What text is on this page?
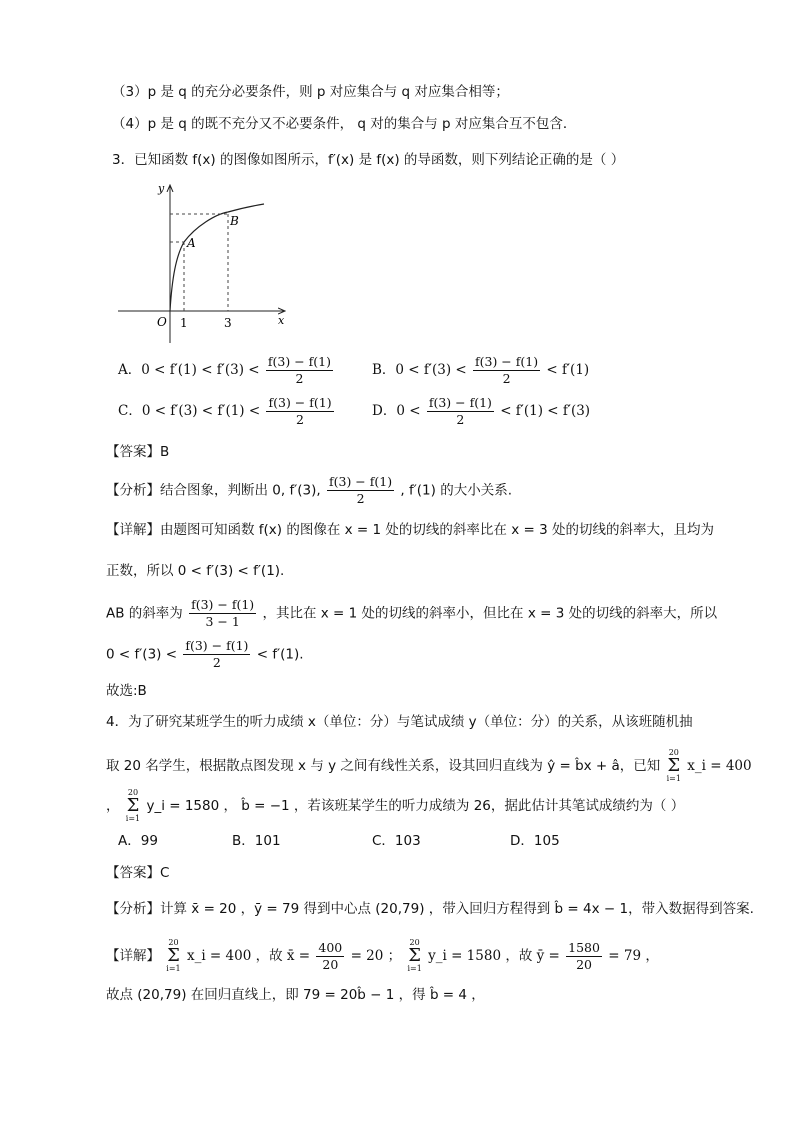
（3）p 是 q 的充分必要条件，则 p 对应集合与 q 对应集合相等；
（4）p 是 q 的既不充分又不必要条件， q 对的集合与 p 对应集合互不包含．
3．已知函数 f(x) 的图像如图所示，f′(x) 是 f(x) 的导函数，则下列结论正确的是（ ）
y
x
O 1	3
A
B
A．$0 < f'(1) < f'(3) < \frac{f(3) - f(1)}{2}$	B．$0 < f'(3) < \frac{f(3) - f(1)}{2} < f'(1)$
C．$0 < f'(3) < f'(1) < \frac{f(3) - f(1)}{2}$	D．$0 < \frac{f(3) - f(1)}{2} < f'(1) < f'(3)$
【答案】B
【分析】结合图象，判断出 0, f′(3), $\frac{f(3) - f(1)}{2}$ , f′(1) 的大小关系.
【详解】由题图可知函数 f(x) 的图像在 x = 1 处的切线的斜率比在 x = 3 处的切线的斜率大，且均为
正数，所以 0 < f′(3) < f′(1).
AB 的斜率为 $\frac{f(3) - f(1)}{3 - 1}$ ，其比在 x = 1 处的切线的斜率小，但比在 x = 3 处的切线的斜率大，所以
$0 < f'(3) < \frac{f(3) - f(1)}{2} < f'(1)$.
故选:B
4．为了研究某班学生的听力成绩 x（单位：分）与笔试成绩 y（单位：分）的关系，从该班随机抽
取 20 名学生，根据散点图发现 x 与 y 之间有线性关系，设其回归直线为 ŷ = b̂x + â，已知
20
Σ
i=1
x_i = 400
，
20
Σ
i=1
y_i = 1580 ， b̂ = −1 ，若该班某学生的听力成绩为 26，据此估计其笔试成绩约为（ ）
A．99	B．101	C．103	D．105
【答案】C
【分析】计算 x̄ = 20 ，ȳ = 79 得到中心点 (20,79) ，带入回归方程得到 b̂ = 4x − 1，带入数据得到答案.
【详解】
20
Σ
i=1
x_i = 400 ，故 x̄ = $\frac{400}{20} = 20$ ；
20
Σ
i=1
y_i = 1580 ，故 ȳ = $\frac{1580}{20} = 79$ ，
故点 (20,79) 在回归直线上，即 79 = 20b̂ − 1 ，得 b̂ = 4 ，
